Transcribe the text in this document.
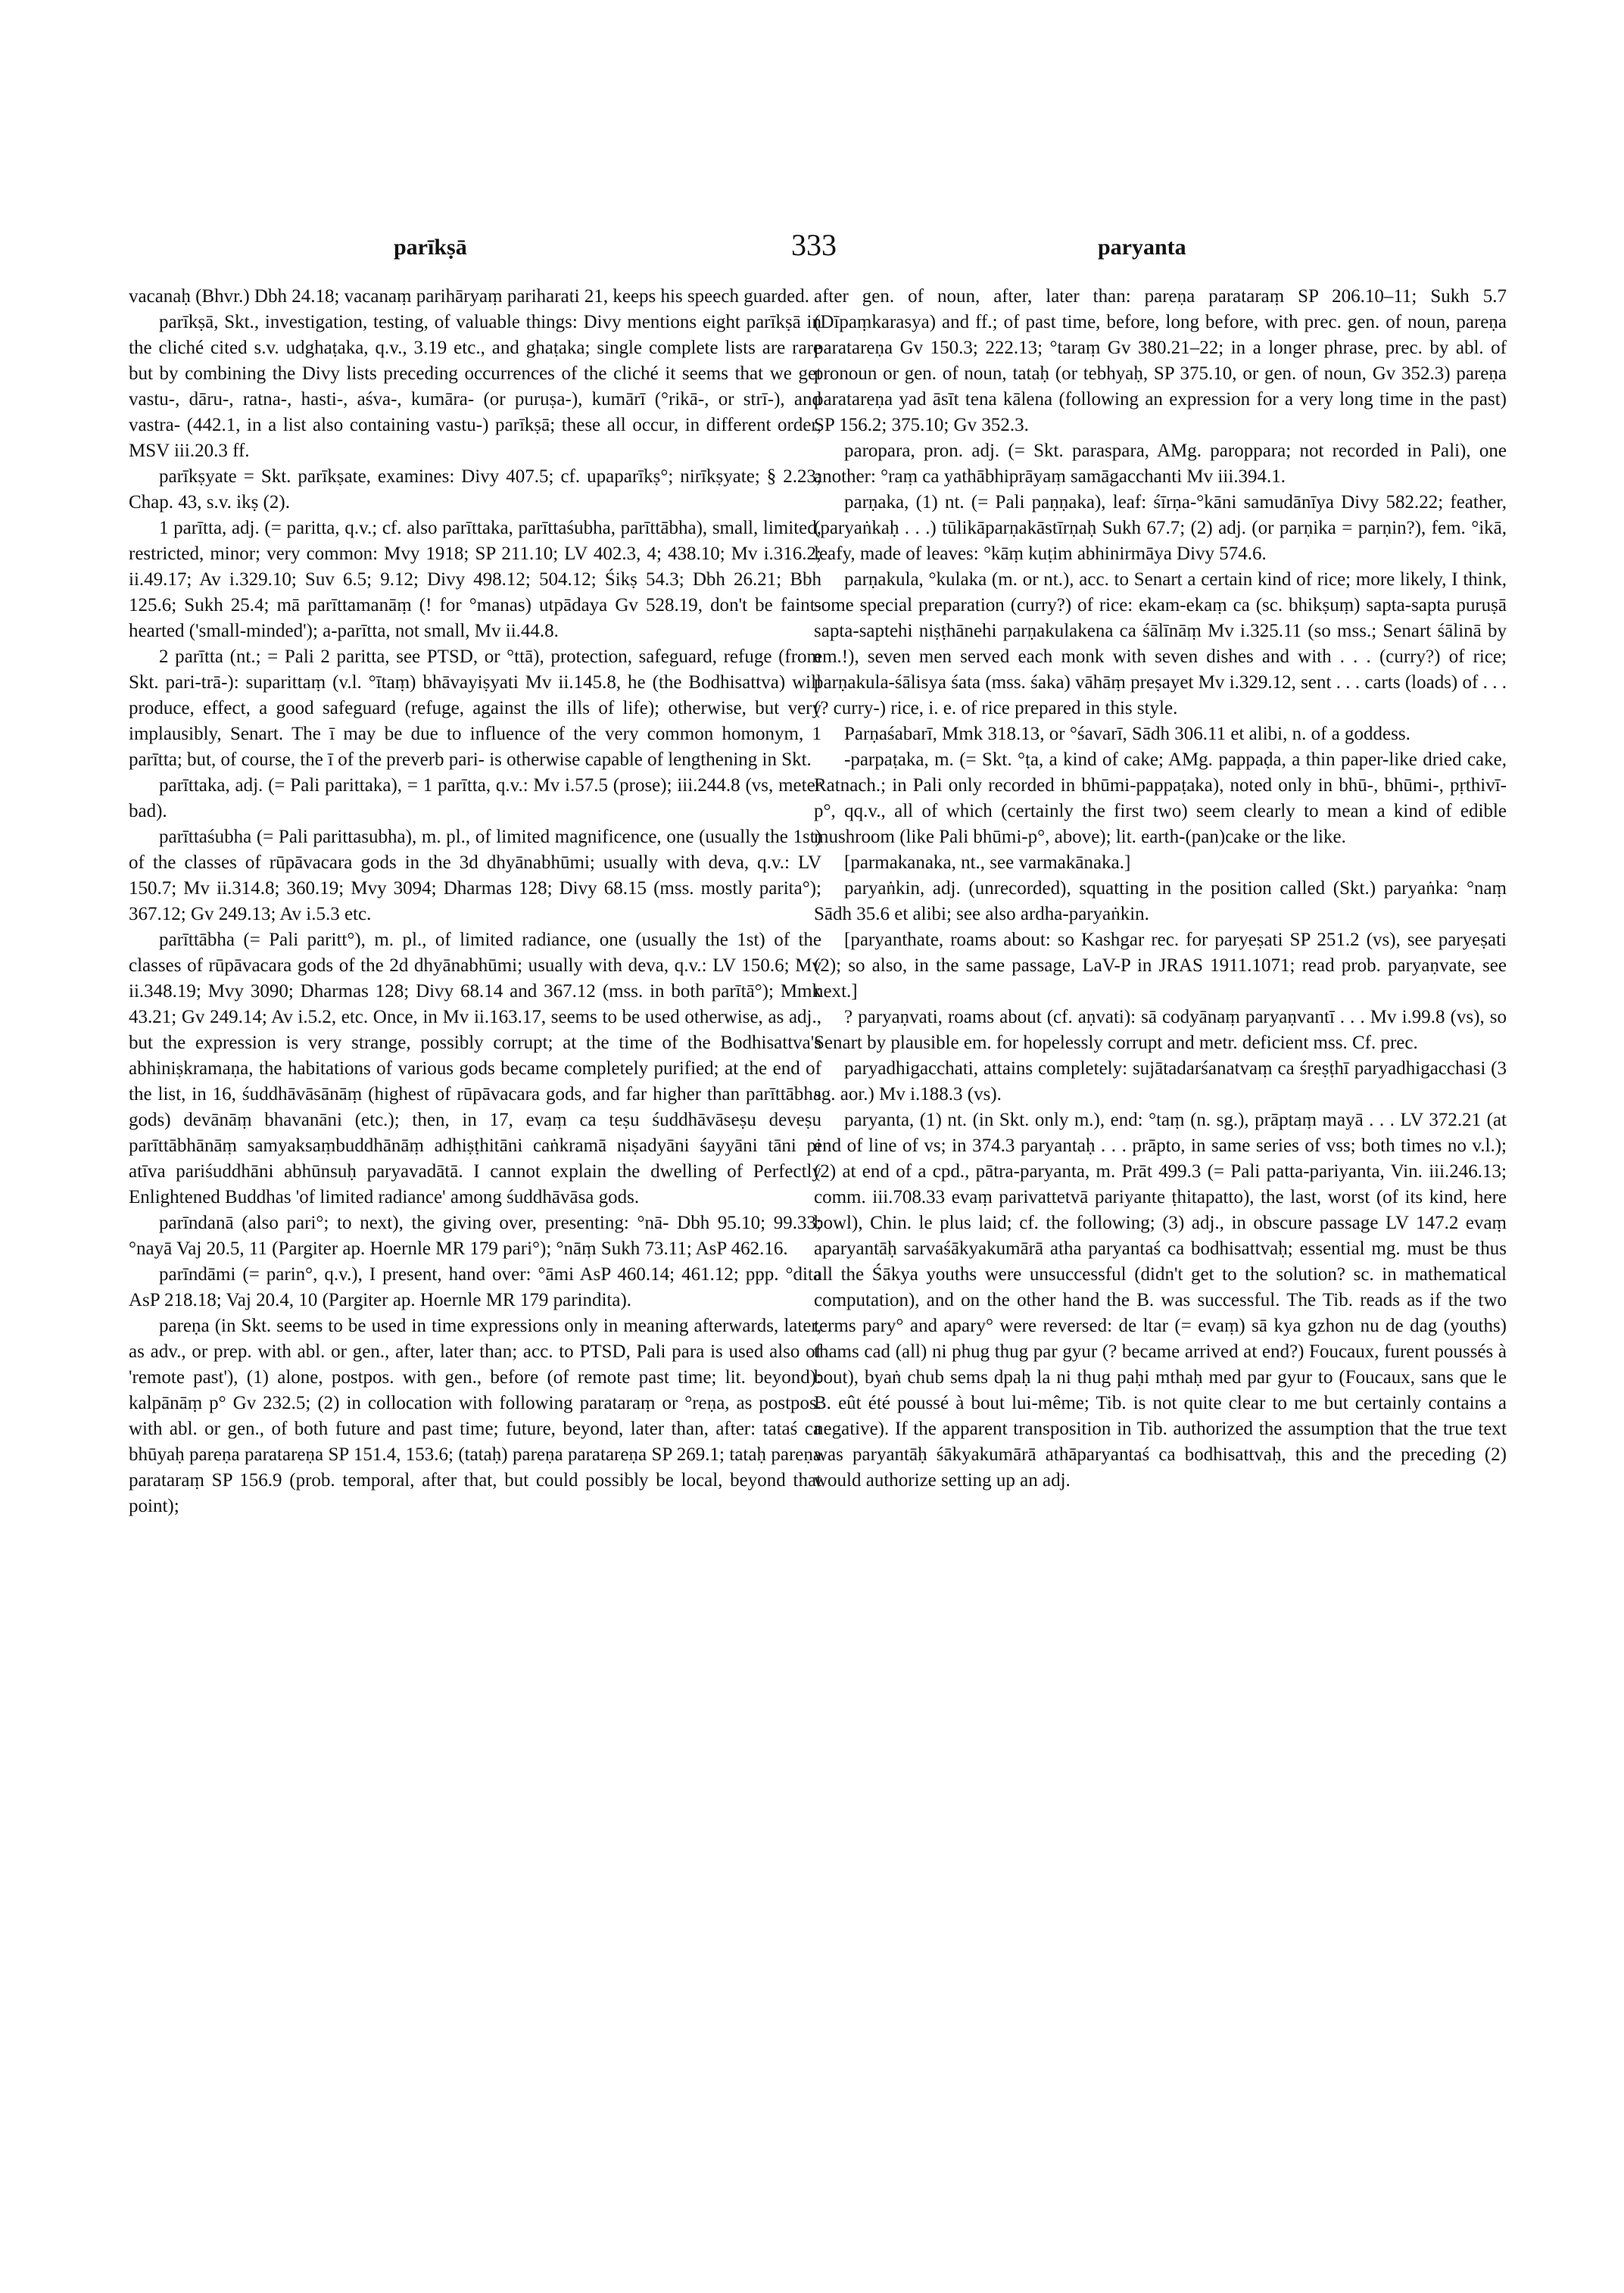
parīkṣā	333	paryanta

vacanaḥ (Bhvr.) Dbh 24.18; vacanaṃ parihāryaṃ pariharati 21, keeps his speech guarded.

parīkṣā, Skt., investigation, testing, of valuable things: Divy mentions eight parīkṣā in the cliché cited s.v. udghaṭaka, q.v., 3.19 etc., and ghaṭaka; single complete lists are rare but by combining the Divy lists preceding occurrences of the cliché it seems that we get vastu-, dāru-, ratna-, hasti-, aśva-, kumāra- (or puruṣa-), kumārī (°rikā-, or strī-), and vastra- (442.1, in a list also containing vastu-) parīkṣā; these all occur, in different order, MSV iii.20.3 ff.

parīkṣyate = Skt. parīkṣate, examines: Divy 407.5; cf. upaparīkṣ°; nirīkṣyate; § 2.23; Chap. 43, s.v. ikṣ (2).

1 parītta, adj. (= paritta, q.v.; cf. also parīttaka, parīttaśubha, parīttābha), small, limited, restricted, minor; very common: Mvy 1918; SP 211.10; LV 402.3, 4; 438.10; Mv i.316.2; ii.49.17; Av i.329.10; Suv 6.5; 9.12; Divy 498.12; 504.12; Śikṣ 54.3; Dbh 26.21; Bbh 125.6; Sukh 25.4; mā parīttamanāṃ (! for °manas) utpādaya Gv 528.19, don't be faint-hearted ('small-minded'); a-parītta, not small, Mv ii.44.8.

2 parītta (nt.; = Pali 2 paritta, see PTSD, or °ttā), protection, safeguard, refuge (from Skt. pari-trā-): suparittaṃ (v.l. °ītaṃ) bhāvayiṣyati Mv ii.145.8, he (the Bodhisattva) will produce, effect, a good safeguard (refuge, against the ills of life); otherwise, but very implausibly, Senart. The ī may be due to influence of the very common homonym, 1 parītta; but, of course, the ī of the preverb pari- is otherwise capable of lengthening in Skt.

parīttaka, adj. (= Pali parittaka), = 1 parītta, q.v.: Mv i.57.5 (prose); iii.244.8 (vs, meter bad).

parīttaśubha (= Pali parittasubha), m. pl., of limited magnificence, one (usually the 1st) of the classes of rūpāvacara gods in the 3d dhyānabhūmi; usually with deva, q.v.: LV 150.7; Mv ii.314.8; 360.19; Mvy 3094; Dharmas 128; Divy 68.15 (mss. mostly parita°); 367.12; Gv 249.13; Av i.5.3 etc.

parīttābha (= Pali paritt°), m. pl., of limited radiance, one (usually the 1st) of the classes of rūpāvacara gods of the 2d dhyānabhūmi; usually with deva, q.v.: LV 150.6; Mv ii.348.19; Mvy 3090; Dharmas 128; Divy 68.14 and 367.12 (mss. in both parītā°); Mmk 43.21; Gv 249.14; Av i.5.2, etc. Once, in Mv ii.163.17, seems to be used otherwise, as adj., but the expression is very strange, possibly corrupt; at the time of the Bodhisattva's abhiniṣkramaṇa, the habitations of various gods became completely purified; at the end of the list, in 16, śuddhāvāsānāṃ (highest of rūpāvacara gods, and far higher than parīttābha gods) devānāṃ bhavanāni (etc.); then, in 17, evaṃ ca teṣu śuddhāvāseṣu deveṣu parīttābhānāṃ samyaksaṃbuddhānāṃ adhiṣṭhitāni caṅkramā niṣadyāni śayyāni tāni pi atīva pariśuddhāni abhūnsuḥ paryavadātā. I cannot explain the dwelling of Perfectly Enlightened Buddhas 'of limited radiance' among śuddhāvāsa gods.

parīndanā (also pari°; to next), the giving over, presenting: °nā- Dbh 95.10; 99.33; °nayā Vaj 20.5, 11 (Pargiter ap. Hoernle MR 179 pari°); °nāṃ Sukh 73.11; AsP 462.16.

parīndāmi (= parin°, q.v.), I present, hand over: °āmi AsP 460.14; 461.12; ppp. °dita AsP 218.18; Vaj 20.4, 10 (Pargiter ap. Hoernle MR 179 parindita).

pareṇa (in Skt. seems to be used in time expressions only in meaning afterwards, later, as adv., or prep. with abl. or gen., after, later than; acc. to PTSD, Pali para is used also of 'remote past'), (1) alone, postpos. with gen., before (of remote past time; lit. beyond): kalpānāṃ p° Gv 232.5; (2) in collocation with following parataraṃ or °reṇa, as postpos. with abl. or gen., of both future and past time; future, beyond, later than, after: tataś ca bhūyaḥ pareṇa paratareṇa SP 151.4, 153.6; (tataḥ) pareṇa paratareṇa SP 269.1; tataḥ pareṇa parataraṃ SP 156.9 (prob. temporal, after that, but could possibly be local, beyond that point);

after gen. of noun, after, later than: pareṇa parataraṃ SP 206.10–11; Sukh 5.7 (Dīpaṃkarasya) and ff.; of past time, before, long before, with prec. gen. of noun, pareṇa paratareṇa Gv 150.3; 222.13; °taraṃ Gv 380.21–22; in a longer phrase, prec. by abl. of pronoun or gen. of noun, tataḥ (or tebhyaḥ, SP 375.10, or gen. of noun, Gv 352.3) pareṇa paratareṇa yad āsīt tena kālena (following an expression for a very long time in the past) SP 156.2; 375.10; Gv 352.3.

paropara, pron. adj. (= Skt. paraspara, AMg. paroppara; not recorded in Pali), one another: °raṃ ca yathābhiprāyaṃ samāgacchanti Mv iii.394.1.

parṇaka, (1) nt. (= Pali paṇṇaka), leaf: śīrṇa-°kāni samudānīya Divy 582.22; feather, (paryaṅkaḥ . . .) tūlikāparṇakāstīrṇaḥ Sukh 67.7; (2) adj. (or parṇika = parṇin?), fem. °ikā, leafy, made of leaves: °kāṃ kuṭim abhinirmāya Divy 574.6.

parṇakula, °kulaka (m. or nt.), acc. to Senart a certain kind of rice; more likely, I think, some special preparation (curry?) of rice: ekam-ekaṃ ca (sc. bhikṣuṃ) sapta-sapta puruṣā sapta-saptehi niṣṭhānehi parṇakulakena ca śālīnāṃ Mv i.325.11 (so mss.; Senart śālinā by em.!), seven men served each monk with seven dishes and with . . . (curry?) of rice; parṇakula-śālisya śata (mss. śaka) vāhāṃ preṣayet Mv i.329.12, sent . . . carts (loads) of . . . (? curry-) rice, i. e. of rice prepared in this style.

Parṇaśabarī, Mmk 318.13, or °śavarī, Sādh 306.11 et alibi, n. of a goddess.

-parpaṭaka, m. (= Skt. °ṭa, a kind of cake; AMg. pappaḍa, a thin paper-like dried cake, Ratnach.; in Pali only recorded in bhūmi-pappaṭaka), noted only in bhū-, bhūmi-, pṛthivī-p°, qq.v., all of which (certainly the first two) seem clearly to mean a kind of edible mushroom (like Pali bhūmi-p°, above); lit. earth-(pan)cake or the like.

[parmakanaka, nt., see varmakānaka.]

paryaṅkin, adj. (unrecorded), squatting in the position called (Skt.) paryaṅka: °naṃ Sādh 35.6 et alibi; see also ardha-paryaṅkin.

[paryanthate, roams about: so Kashgar rec. for paryeṣati SP 251.2 (vs), see paryeṣati (2); so also, in the same passage, LaV-P in JRAS 1911.1071; read prob. paryaṇvate, see next.]

? paryaṇvati, roams about (cf. aṇvati): sā codyānaṃ paryaṇvantī . . . Mv i.99.8 (vs), so Senart by plausible em. for hopelessly corrupt and metr. deficient mss. Cf. prec.

paryadhigacchati, attains completely: sujātadarśanatvaṃ ca śreṣṭhī paryadhigacchasi (3 sg. aor.) Mv i.188.3 (vs).

paryanta, (1) nt. (in Skt. only m.), end: °taṃ (n. sg.), prāptaṃ mayā . . . LV 372.21 (at end of line of vs; in 374.3 paryantaḥ . . . prāpto, in same series of vss; both times no v.l.); (2) at end of a cpd., pātra-paryanta, m. Prāt 499.3 (= Pali patta-pariyanta, Vin. iii.246.13; comm. iii.708.33 evaṃ parivattetvā pariyante ṭhitapatto), the last, worst (of its kind, here bowl), Chin. le plus laid; cf. the following; (3) adj., in obscure passage LV 147.2 evaṃ aparyantāḥ sarvaśākyakumārā atha paryantaś ca bodhisattvaḥ; essential mg. must be thus all the Śākya youths were unsuccessful (didn't get to the solution? sc. in mathematical computation), and on the other hand the B. was successful. The Tib. reads as if the two terms pary° and apary° were reversed: de ltar (= evaṃ) sā kya gzhon nu de dag (youths) thams cad (all) ni phug thug par gyur (? became arrived at end?) Foucaux, furent poussés à bout), byaṅ chub sems dpaḥ la ni thug paḥi mthaḥ med par gyur to (Foucaux, sans que le B. eût été poussé à bout lui-même; Tib. is not quite clear to me but certainly contains a negative). If the apparent transposition in Tib. authorized the assumption that the true text was paryantāḥ śākyakumārā athāparyantaś ca bodhisattvaḥ, this and the preceding (2) would authorize setting up an adj.
